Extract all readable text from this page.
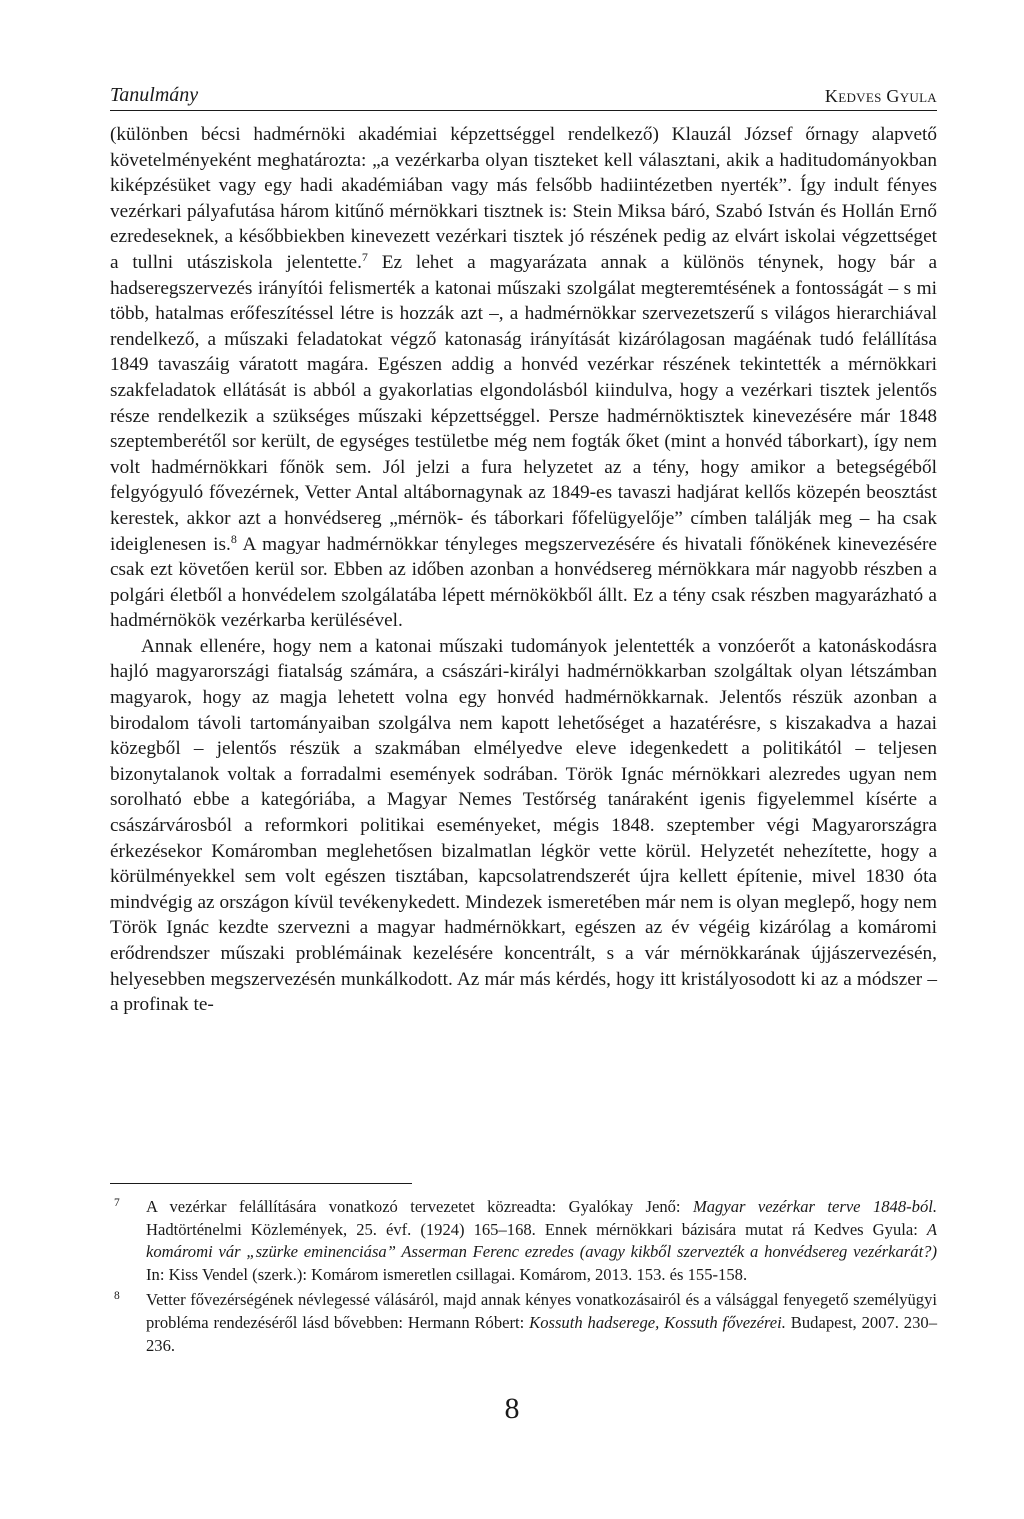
Tanulmány	Kedves Gyula

(különben bécsi hadmérnöki akadémiai képzettséggel rendelkező) Klauzál József őrnagy alapvető követelményeként meghatározta: „a vezérkarba olyan tiszteket kell választani, akik a haditudományokban kiképzésüket vagy egy hadi akadémiában vagy más felsőbb hadiintézetben nyerték”. Így indult fényes vezérkari pályafutása három kitűnő mérnökkari tisztnek is: Stein Miksa báró, Szabó István és Hollán Ernő ezredeseknek, a későbbiekben kinevezett vezérkari tisztek jó részének pedig az elvárt iskolai végzettséget a tullni utásziskola jelentette.$^7$ Ez lehet a magyarázata annak a különös ténynek, hogy bár a hadseregszervezés irányítói felismerték a katonai műszaki szolgálat megteremtésének a fontosságát – s mi több, hatalmas erőfeszítéssel létre is hozzák azt –, a hadmérnökkar szervezetszerű s világos hierarchiával rendelkező, a műszaki feladatokat végző katonaság irányítását kizárólagosan magáénak tudó felállítása 1849 tavaszáig váratott magára. Egészen addig a honvéd vezérkar részének tekintették a mérnökkari szakfeladatok ellátását is abból a gyakorlatias elgondolásból kiindulva, hogy a vezérkari tisztek jelentős része rendelkezik a szükséges műszaki képzettséggel. Persze hadmérnöktisztek kinevezésére már 1848 szeptemberétől sor került, de egységes testületbe még nem fogták őket (mint a honvéd táborkart), így nem volt hadmérnökkari főnök sem. Jól jelzi a fura helyzetet az a tény, hogy amikor a betegségéből felgyógyuló fővezérnek, Vetter Antal altábornagynak az 1849-es tavaszi hadjárat kellős közepén beosztást kerestek, akkor azt a honvédsereg „mérnök- és táborkari főfelügyelője” címben találják meg – ha csak ideiglenesen is.$^8$ A magyar hadmérnökkar tényleges megszervezésére és hivatali főnökének kinevezésére csak ezt követően kerül sor. Ebben az időben azonban a honvédsereg mérnökkara már nagyobb részben a polgári életből a honvédelem szolgálatába lépett mérnökökből állt. Ez a tény csak részben magyarázható a hadmérnökök vezérkarba kerülésével.

Annak ellenére, hogy nem a katonai műszaki tudományok jelentették a vonzóerőt a katonáskodásra hajló magyarországi fiatalság számára, a császári-királyi hadmérnökkarban szolgáltak olyan létszámban magyarok, hogy az magja lehetett volna egy honvéd hadmérnökkarnak. Jelentős részük azonban a birodalom távoli tartományaiban szolgálva nem kapott lehetőséget a hazatérésre, s kiszakadva a hazai közegből – jelentős részük a szakmában elmélyedve eleve idegenkedett a politikától – teljesen bizonytalanok voltak a forradalmi események sodrában. Török Ignác mérnökkari alezredes ugyan nem sorolható ebbe a kategóriába, a Magyar Nemes Testőrség tanáraként igenis figyelemmel kísérte a császárvárosból a reformkori politikai eseményeket, mégis 1848. szeptember végi Magyarországra érkezésekor Komáromban meglehetősen bizalmatlan légkör vette körül. Helyzetét nehezítette, hogy a körülményekkel sem volt egészen tisztában, kapcsolatrendszerét újra kellett építenie, mivel 1830 óta mindvégig az országon kívül tevékenykedett. Mindezek ismeretében már nem is olyan meglepő, hogy nem Török Ignác kezdte szervezni a magyar hadmérnökkart, egészen az év végéig kizárólag a komáromi erődrendszer műszaki problémáinak kezelésére koncentrált, s a vár mérnökkarának újjászervezésén, helyesebben megszervezésén munkálkodott. Az már más kérdés, hogy itt kristályosodott ki az a módszer – a profinak te-

7 A vezérkar felállítására vonatkozó tervezetet közreadta: Gyalókay Jenő: Magyar vezérkar terve 1848-ból. Hadtörténelmi Közlemények, 25. évf. (1924) 165–168. Ennek mérnökkari bázisára mutat rá Kedves Gyula: A komáromi vár „szürke eminenciása” Asserman Ferenc ezredes (avagy kikből szervezték a honvédsereg vezérkarát?) In: Kiss Vendel (szerk.): Komárom ismeretlen csillagai. Komárom, 2013. 153. és 155-158.

8 Vetter fővezérségének névlegessé válásáról, majd annak kényes vonatkozásairól és a válsággal fenyegető személyügyi probléma rendezéséről lásd bővebben: Hermann Róbert: Kossuth hadserege, Kossuth fővezérei. Budapest, 2007. 230–236.

8
